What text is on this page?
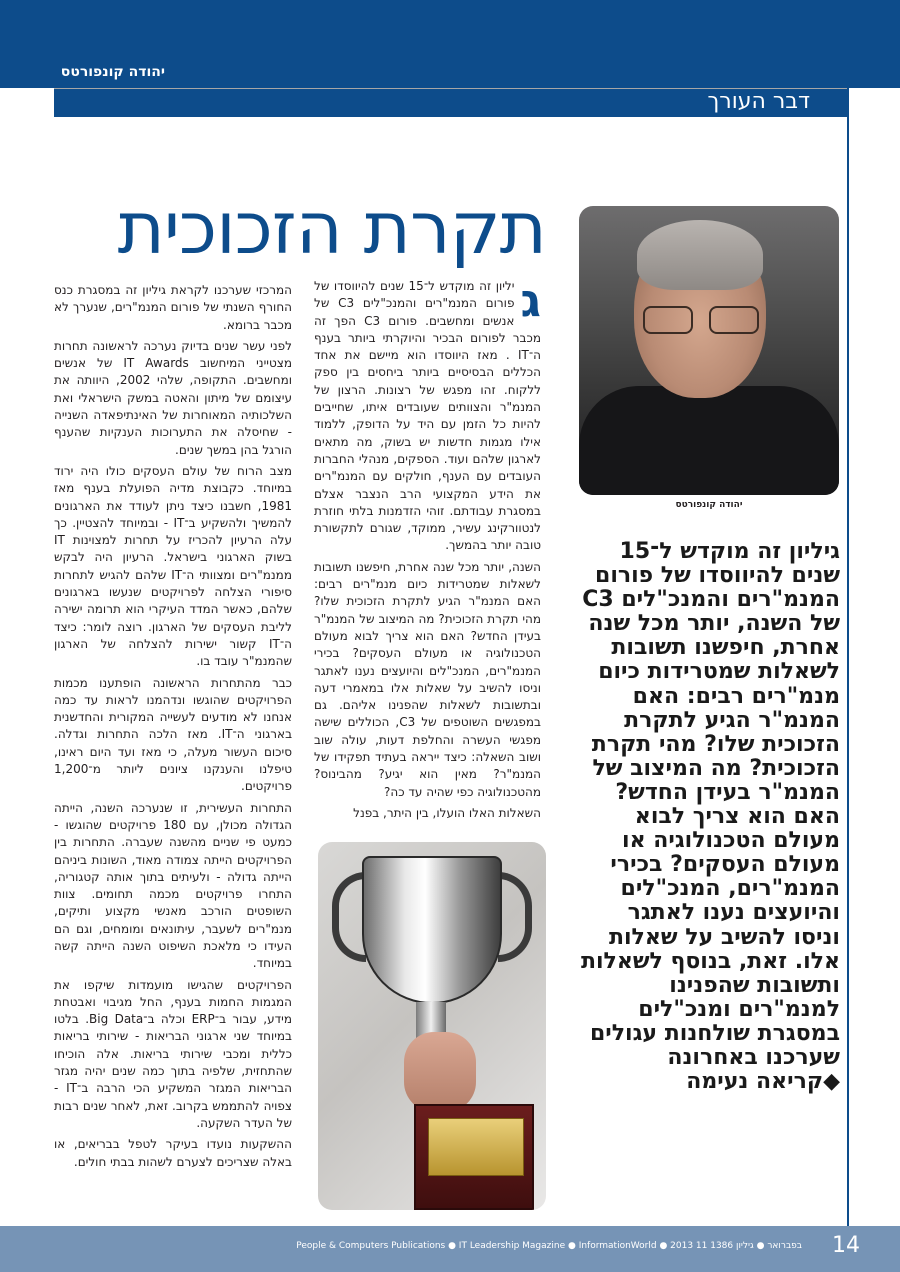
יהודה קונפורטס
דבר העורך
תקרת הזכוכית
יהודה קונפורטס
גיליון זה מוקדש ל־15 שנים להיווסדו של פורום המנמ"רים והמנכ"לים C3 של השנה, יותר מכל שנה אחרת, חיפשנו תשובות לשאלות שמטרידות כיום מנמ"רים רבים: האם המנמ"ר הגיע לתקרת הזכוכית שלו? מהי תקרת הזכוכית? מה המיצוב של המנמ"ר בעידן החדש? האם הוא צריך לבוא מעולם הטכנולוגיה או מעולם העסקים? בכירי המנמ"רים, המנכ"לים והיועצים נענו לאתגר וניסו להשיב על שאלות אלו. זאת, בנוסף לשאלות ותשובות שהפנינו למנמ"רים ומנכ"לים במסגרת שולחנות עגולים שערכנו באחרונה ◆קריאה נעימה

ג
יליון זה מוקדש ל־15 שנים להיווסדו של פורום המנמ"רים והמנכ"לים C3 של אנשים ומחשבים. פורום C3 הפך זה מכבר לפורום הבכיר והיוקרתי ביותר בענף ה־IT . מאז היווסדו הוא מיישם את אחד הכללים הבסיסיים ביותר ביחסים בין ספק ללקוח. זהו מפגש של רצונות. הרצון של המנמ"ר והצוותים שעובדים איתו, שחייבים להיות כל הזמן עם היד על הדופק, ללמוד אילו מגמות חדשות יש בשוק, מה מתאים לארגון שלהם ועוד. הספקים, מנהלי החברות העובדים עם הענף, חולקים עם המנמ"רים את הידע המקצועי הרב הנצבר אצלם במסגרת עבודתם. זוהי הזדמנות בלתי חוזרת לנטוורקינג עשיר, ממוקד, שגורם לתקשורת טובה יותר בהמשך.

השנה, יותר מכל שנה אחרת, חיפשנו תשובות לשאלות שמטרידות כיום מנמ"רים רבים: האם המנמ"ר הגיע לתקרת הזכוכית שלו? מהי תקרת הזכוכית? מה המיצוב של המנמ"ר בעידן החדש? האם הוא צריך לבוא מעולם הטכנולוגיה או מעולם העסקים? בכירי המנמ"רים, המנכ"לים והיועצים נענו לאתגר וניסו להשיב על שאלות אלו במאמרי דעה ובתשובות לשאלות שהפנינו אליהם. גם במפגשים השוטפים של C3, הכוללים שישה מפגשי העשרה והחלפת דעות, עולה שוב ושוב השאלה: כיצד ייראה בעתיד תפקידו של המנמ"ר? מאין הוא יגיע? מהבינוס? מהטכנולוגיה כפי שהיה עד כה?

השאלות האלו הועלו, בין היתר, בפנל

המרכזי שערכנו לקראת גיליון זה במסגרת כנס החורף השנתי של פורום המנמ"רים, שנערך לא מכבר ברומא.

לפני עשר שנים בדיוק נערכה לראשונה תחרות מצטייני המיחשוב IT Awards של אנשים ומחשבים. התקופה, שלהי 2002, היוותה את עיצומם של מיתון והאטה במשק הישראלי ואת השלכותיה המאוחרות של האינתיפאדה השנייה - שחיסלה את התערוכות הענקיות שהענף הורגל בהן במשך שנים.

מצב הרוח של עולם העסקים כולו היה ירוד במיוחד. כקבוצת מדיה הפועלת בענף מאז 1981, חשבנו כיצד ניתן לעודד את הארגונים להמשיך ולהשקיע ב־IT - ובמיוחד להצטיין. כך עלה הרעיון להכריז על תחרות למצוינות IT בשוק הארגוני בישראל. הרעיון היה לבקש ממנמ"רים ומצוותי ה־IT שלהם להגיש לתחרות סיפורי הצלחה לפרויקטים שנעשו בארגונים שלהם, כאשר המדד העיקרי הוא תרומה ישירה לליבת העסקים של הארגון. רוצה לומר: כיצד ה־IT קשור ישירות להצלחה של הארגון שהמנמ"ר עובד בו.

כבר מהתחרות הראשונה הופתענו מכמות הפרויקטים שהוגשו ונדהמנו לראות עד כמה אנחנו לא מודעים לעשייה המקורית והחדשנית בארגוני ה־IT. מאז הלכה התחרות וגדלה. סיכום העשור מעלה, כי מאז ועד היום ראינו, טיפלנו והענקנו ציונים ליותר מ־1,200 פרויקטים.

התחרות העשירית, זו שנערכה השנה, הייתה הגדולה מכולן, עם 180 פרויקטים שהוגשו - כמעט פי שניים מהשנה שעברה. התחרות בין הפרויקטים הייתה צמודה מאוד, השונות ביניהם הייתה גדולה - ולעיתים בתוך אותה קטגוריה, התחרו פרויקטים מכמה תחומים. צוות השופטים הורכב מאנשי מקצוע ותיקים, מנמ"רים לשעבר, עיתונאים ומומחים, וגם הם העידו כי מלאכת השיפוט השנה הייתה קשה במיוחד.

הפרויקטים שהגישו מועמדות שיקפו את המגמות החמות בענף, החל מגיבוי ואבטחת מידע, עבור ב־ERP וכלה ב־Big Data. בלטו במיוחד שני ארגוני הבריאות - שירותי בריאות כללית ומכבי שירותי בריאות. אלה הוכיחו שהתחזית, שלפיה בתוך כמה שנים יהיה מגזר הבריאות המגזר המשקיע הכי הרבה ב־IT - צפויה להתממש בקרוב. זאת, לאחר שנים רבות של העדר השקעה.

ההשקעות נועדו בעיקר לטפל בבריאים, או באלה שצריכים לצערם לשהות בבתי חולים.

People & Computers Publications ● IT Leadership Magazine ● InformationWorld ● 2013 11 בפברואר ● גיליון 1386 14
